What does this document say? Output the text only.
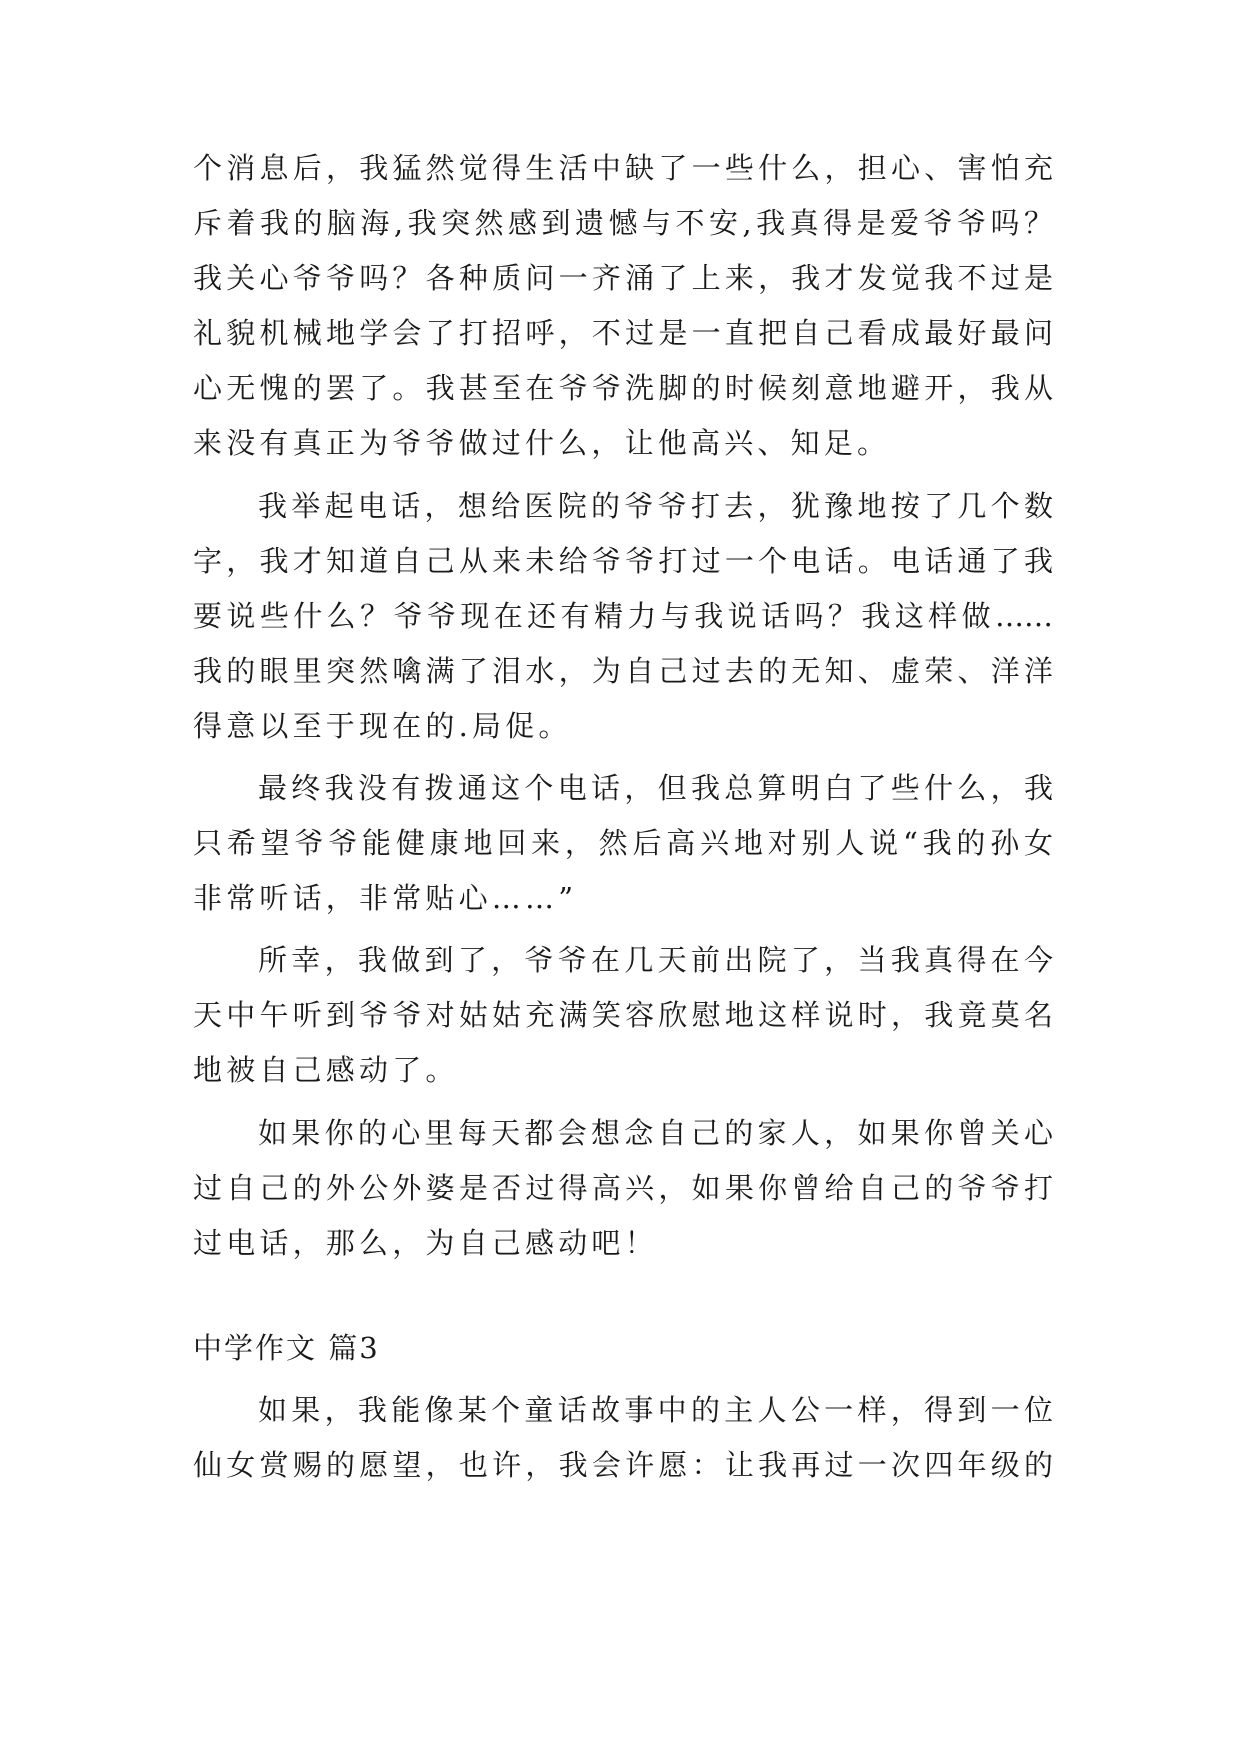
个消息后，我猛然觉得生活中缺了一些什么，担心、害怕充
斥着我的脑海,我突然感到遗憾与不安,我真得是爱爷爷吗？
我关心爷爷吗？各种质问一齐涌了上来，我才发觉我不过是
礼貌机械地学会了打招呼，不过是一直把自己看成最好最问
心无愧的罢了。我甚至在爷爷洗脚的时候刻意地避开，我从
来没有真正为爷爷做过什么，让他高兴、知足。
我举起电话，想给医院的爷爷打去，犹豫地按了几个数
字，我才知道自己从来未给爷爷打过一个电话。电话通了我
要说些什么？爷爷现在还有精力与我说话吗？我这样做……
我的眼里突然噙满了泪水，为自己过去的无知、虚荣、洋洋
得意以至于现在的.局促。
最终我没有拨通这个电话，但我总算明白了些什么，我
只希望爷爷能健康地回来，然后高兴地对别人说“我的孙女
非常听话，非常贴心……”
所幸，我做到了，爷爷在几天前出院了，当我真得在今
天中午听到爷爷对姑姑充满笑容欣慰地这样说时，我竟莫名
地被自己感动了。
如果你的心里每天都会想念自己的家人，如果你曾关心
过自己的外公外婆是否过得高兴，如果你曾给自己的爷爷打
过电话，那么，为自己感动吧！
中学作文 篇3
如果，我能像某个童话故事中的主人公一样，得到一位
仙女赏赐的愿望，也许，我会许愿：让我再过一次四年级的
